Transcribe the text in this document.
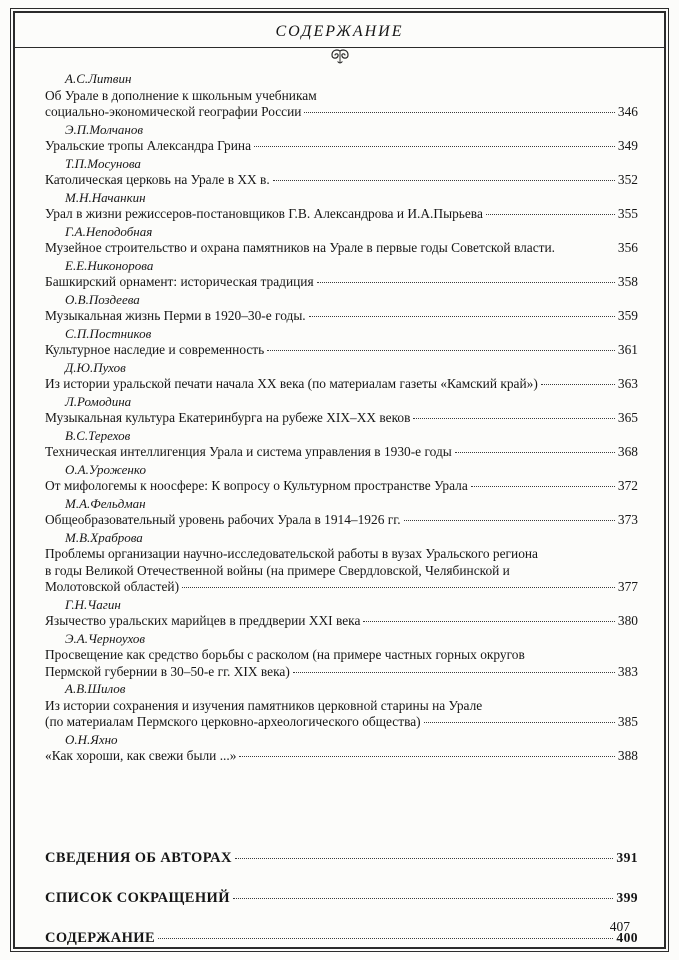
СОДЕРЖАНИЕ
А.С.Литвин
Об Урале в дополнение к школьным учебникам
социально-экономической географии России	346
Э.П.Молчанов
Уральские тропы Александра Грина	349
Т.П.Мосунова
Католическая церковь на Урале в XX в.	352
М.Н.Начанкин
Урал в жизни режиссеров-постановщиков Г.В. Александрова и И.А.Пырьева	355
Г.А.Неподобная
Музейное строительство и охрана памятников на Урале в первые годы Советской власти.	356
Е.Е.Никонорова
Башкирский орнамент: историческая традиция	358
О.В.Поздеева
Музыкальная жизнь Перми в 1920–30-е годы.	359
С.П.Постников
Культурное наследие и современность	361
Д.Ю.Пухов
Из истории уральской печати начала XX века (по материалам газеты «Камский край»)	363
Л.Ромодина
Музыкальная культура Екатеринбурга на рубеже XIX–XX веков	365
В.С.Терехов
Техническая интеллигенция Урала и система управления в 1930-е годы	368
О.А.Уроженко
От мифологемы к ноосфере: К вопросу о Культурном пространстве Урала	372
М.А.Фельдман
Общеобразовательный уровень рабочих Урала в 1914–1926 гг.	373
М.В.Храброва
Проблемы организации научно-исследовательской работы в вузах Уральского региона
в годы Великой Отечественной войны (на примере Свердловской, Челябинской и
Молотовской областей)	377
Г.Н.Чагин
Язычество уральских марийцев в преддверии XXI века	380
Э.А.Черноухов
Просвещение как средство борьбы с расколом (на примере частных горных округов
Пермской губернии в 30–50-е гг. XIX века)	383
А.В.Шилов
Из истории сохранения и изучения памятников церковной старины на Урале
(по материалам Пермского церковно-археологического общества)	385
О.Н.Яхно
«Как хороши, как свежи были ...»	388
СВЕДЕНИЯ ОБ АВТОРАХ	391
СПИСОК СОКРАЩЕНИЙ	399
СОДЕРЖАНИЕ	400
407
